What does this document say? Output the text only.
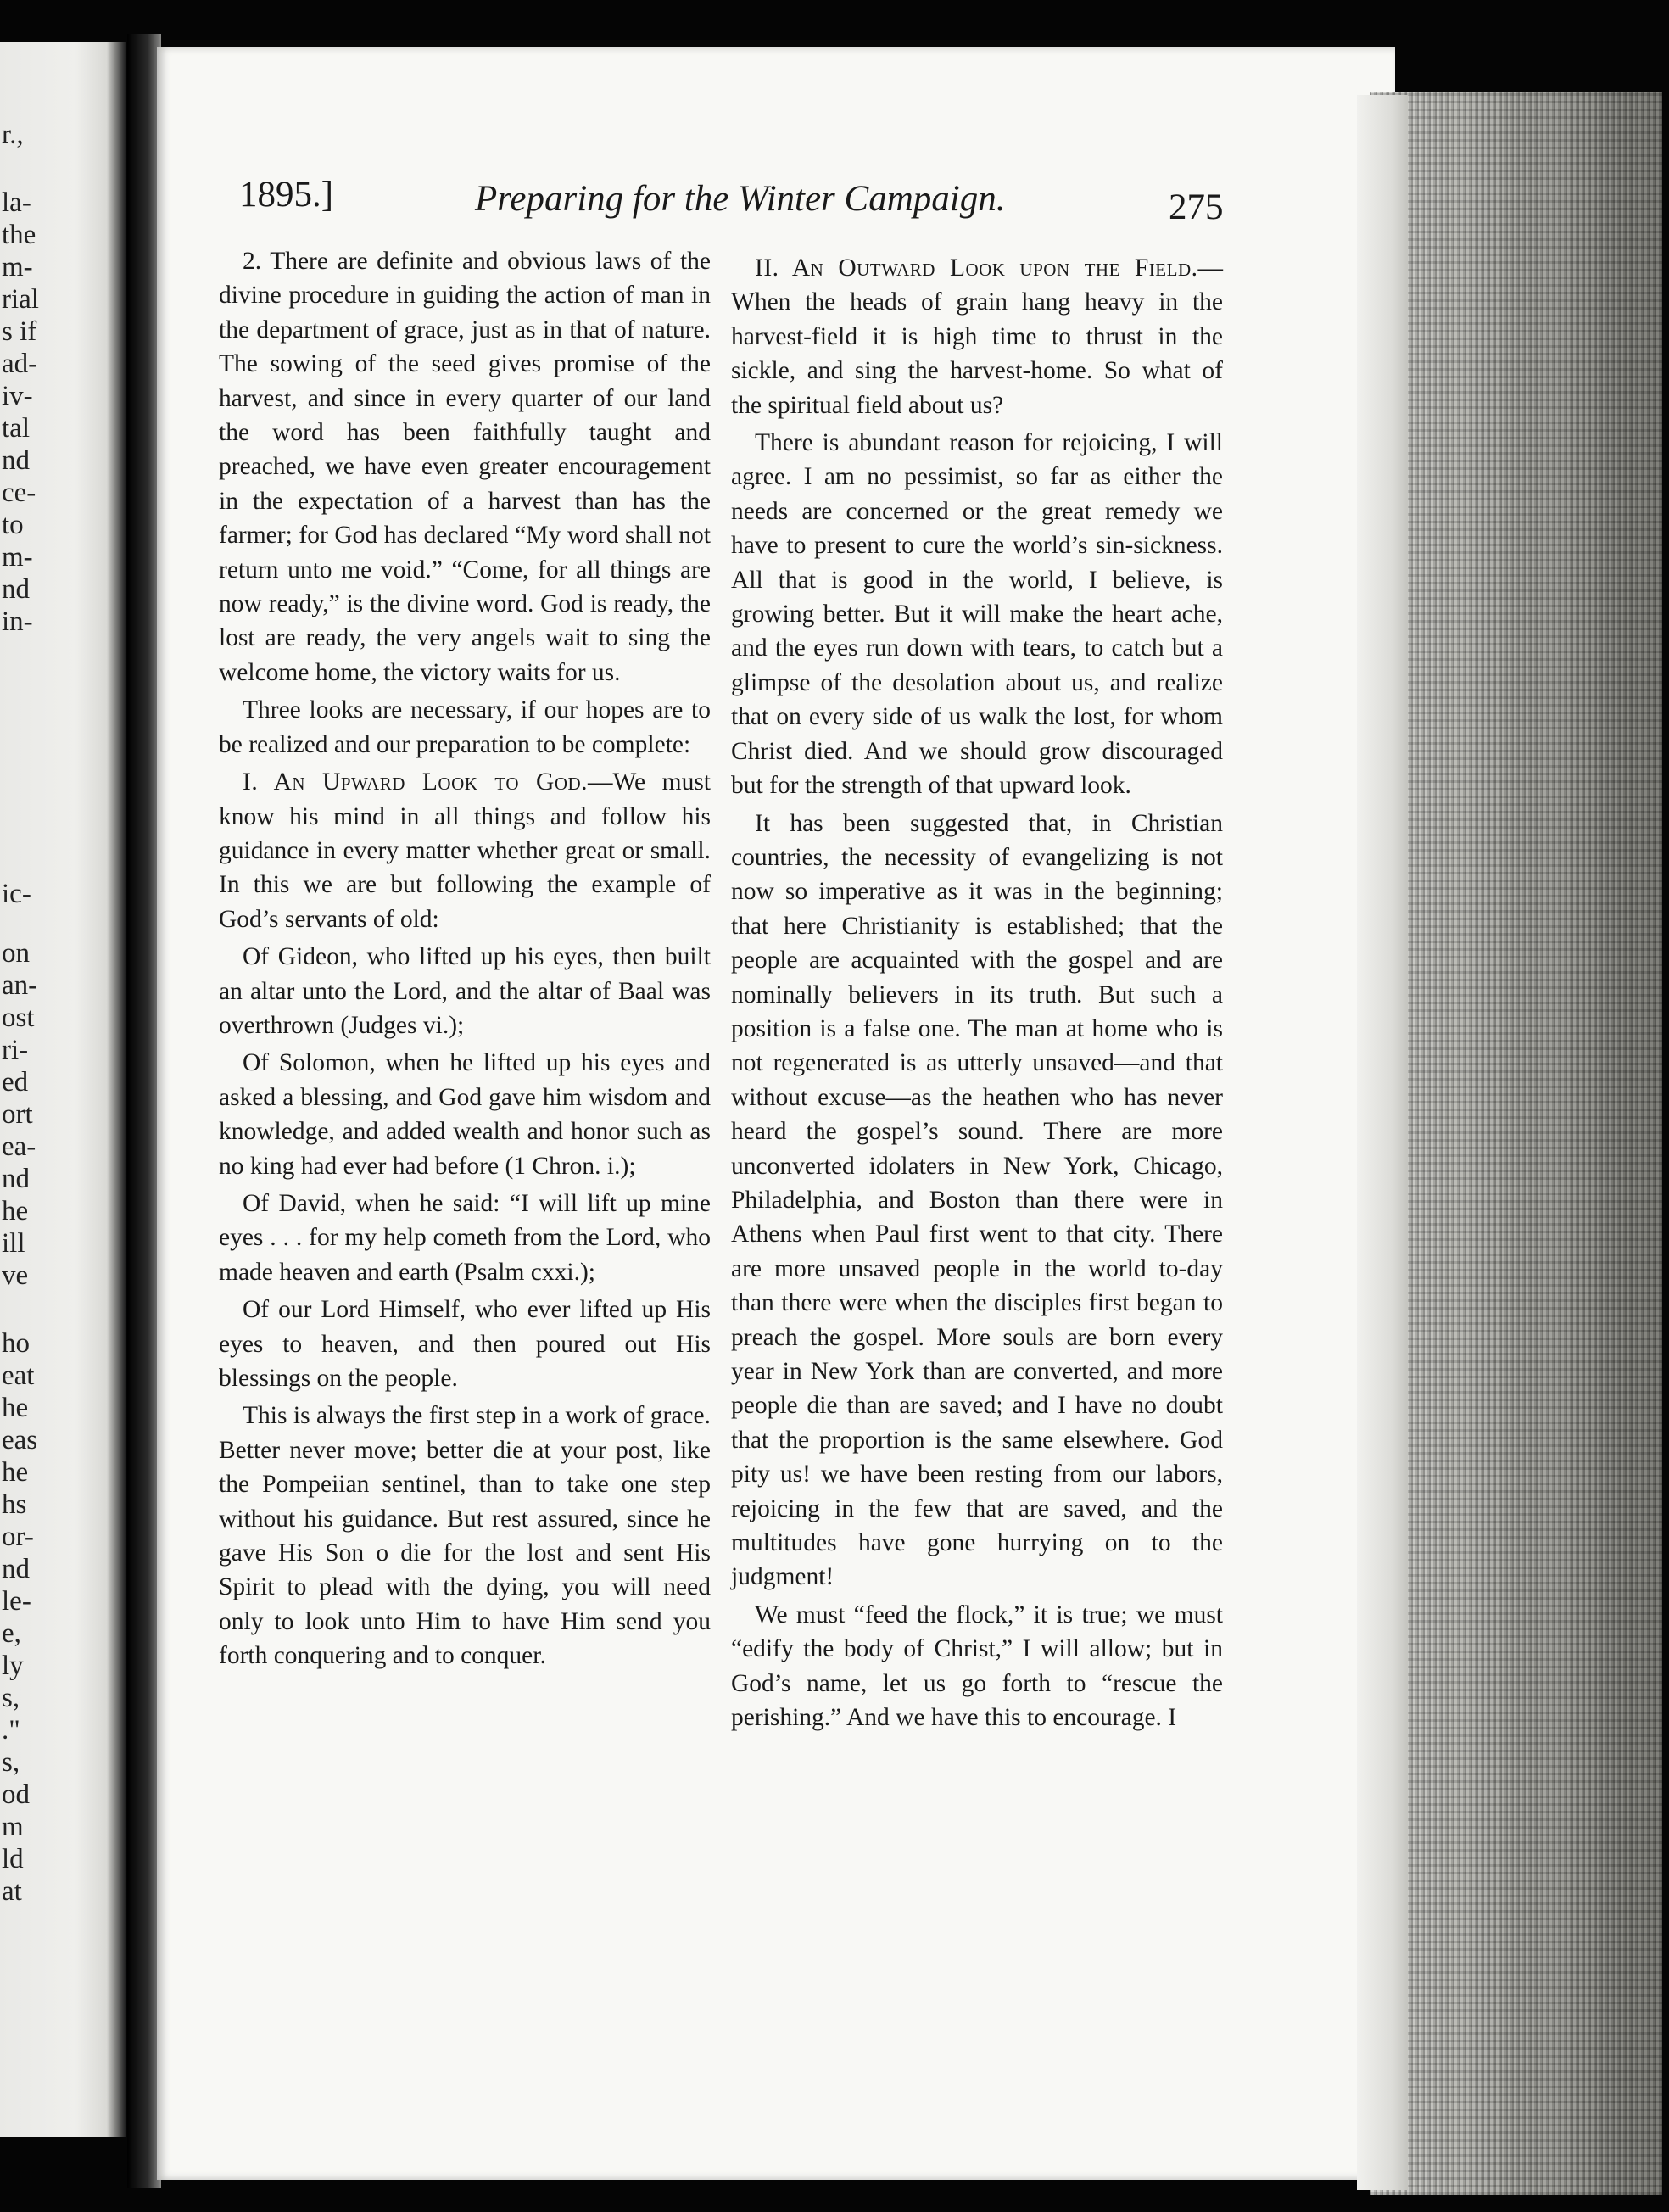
r.,

la-

the

m-

rial

s if

ad-

iv-

tal

nd

ce-

to

m-

nd

in-

ic-

on

an-

ost

ri-

ed

ort

ea-

nd

he

ill

ve

ho

eat

he

eas

he

hs

or-

nd

le-

e,

ly

s,

."

s,

od

m

ld

at

1895.]	Preparing for the Winter Campaign.	275

2. There are definite and obvious laws of the divine procedure in guiding the action of man in the department of grace, just as in that of nature. The sowing of the seed gives promise of the harvest, and since in every quarter of our land the word has been faithfully taught and preached, we have even greater encouragement in the expectation of a harvest than has the farmer; for God has declared “My word shall not return unto me void.” “Come, for all things are now ready,” is the divine word. God is ready, the lost are ready, the very angels wait to sing the welcome home, the victory waits for us.

Three looks are necessary, if our hopes are to be realized and our preparation to be complete:

I. An Upward Look to God.—We must know his mind in all things and follow his guidance in every matter whether great or small. In this we are but following the example of God’s servants of old:

Of Gideon, who lifted up his eyes, then built an altar unto the Lord, and the altar of Baal was overthrown (Judges vi.);

Of Solomon, when he lifted up his eyes and asked a blessing, and God gave him wisdom and knowledge, and added wealth and honor such as no king had ever had before (1 Chron. i.);

Of David, when he said: “I will lift up mine eyes . . . for my help cometh from the Lord, who made heaven and earth (Psalm cxxi.);

Of our Lord Himself, who ever lifted up His eyes to heaven, and then poured out His blessings on the people.

This is always the first step in a work of grace. Better never move; better die at your post, like the Pompeiian sentinel, than to take one step without his guidance. But rest assured, since he gave His Son o die for the lost and sent His Spirit to plead with the dying, you will need only to look unto Him to have Him send you forth conquering and to conquer.

II. An Outward Look upon the Field.—When the heads of grain hang heavy in the harvest-field it is high time to thrust in the sickle, and sing the harvest-home. So what of the spiritual field about us?

There is abundant reason for rejoicing, I will agree. I am no pessimist, so far as either the needs are concerned or the great remedy we have to present to cure the world’s sin-sickness. All that is good in the world, I believe, is growing better. But it will make the heart ache, and the eyes run down with tears, to catch but a glimpse of the desolation about us, and realize that on every side of us walk the lost, for whom Christ died. And we should grow discouraged but for the strength of that upward look.

It has been suggested that, in Christian countries, the necessity of evangelizing is not now so imperative as it was in the beginning; that here Christianity is established; that the people are acquainted with the gospel and are nominally believers in its truth. But such a position is a false one. The man at home who is not regenerated is as utterly unsaved—and that without excuse—as the heathen who has never heard the gospel’s sound. There are more unconverted idolaters in New York, Chicago, Philadelphia, and Boston than there were in Athens when Paul first went to that city. There are more unsaved people in the world to-day than there were when the disciples first began to preach the gospel. More souls are born every year in New York than are converted, and more people die than are saved; and I have no doubt that the proportion is the same elsewhere. God pity us! we have been resting from our labors, rejoicing in the few that are saved, and the multitudes have gone hurrying on to the judgment!

We must “feed the flock,” it is true; we must “edify the body of Christ,” I will allow; but in God’s name, let us go forth to “rescue the perishing.” And we have this to encourage. I
